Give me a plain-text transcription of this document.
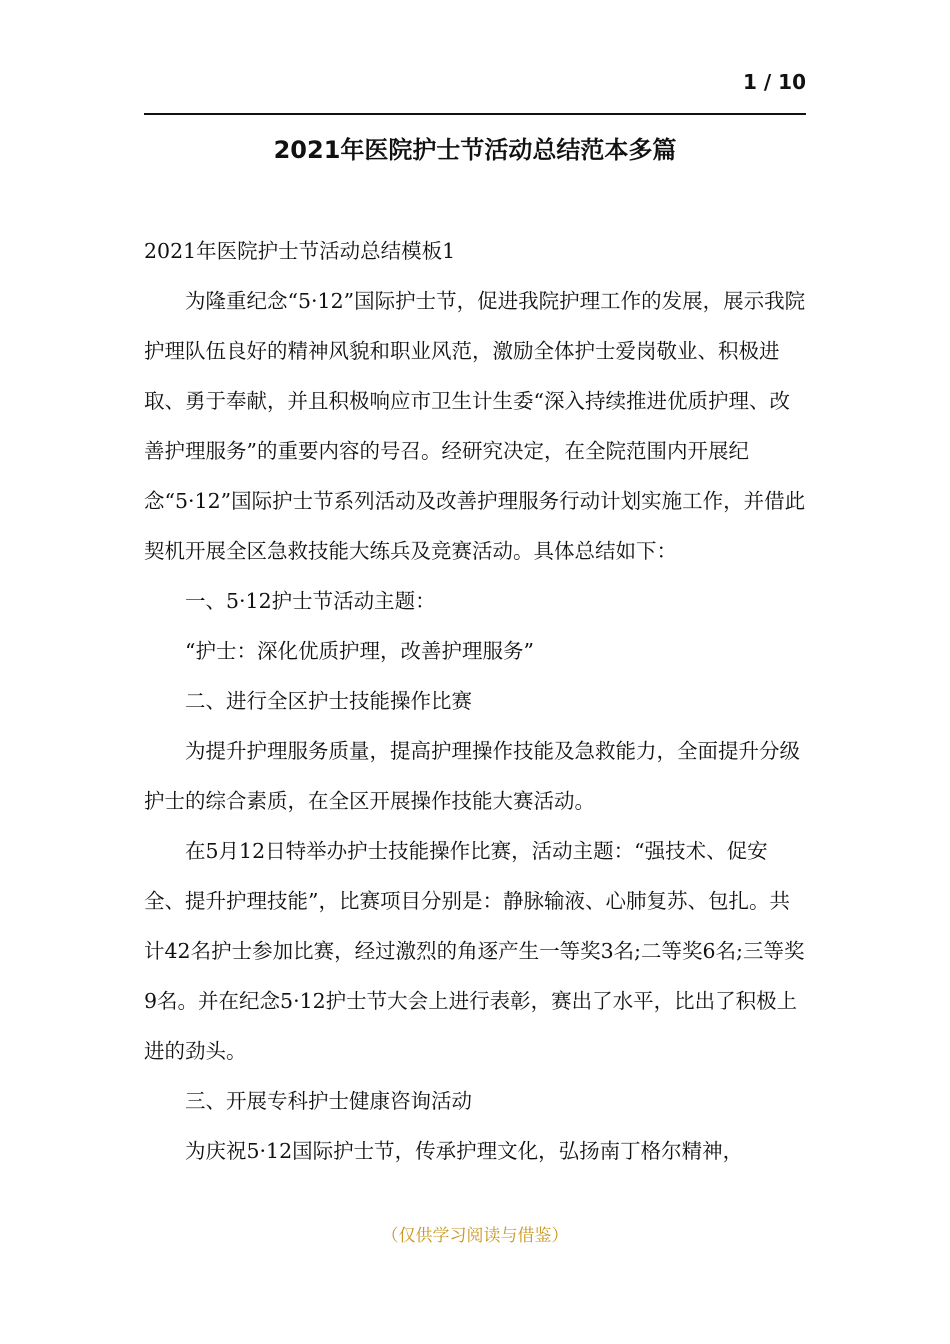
1 / 10
2021年医院护士节活动总结范本多篇

2021年医院护士节活动总结模板1

为隆重纪念“5·12”国际护士节，促进我院护理工作的发展，展示我院护理队伍良好的精神风貌和职业风范，激励全体护士爱岗敬业、积极进取、勇于奉献，并且积极响应市卫生计生委“深入持续推进优质护理、改善护理服务”的重要内容的号召。经研究决定，在全院范围内开展纪念“5·12”国际护士节系列活动及改善护理服务行动计划实施工作，并借此契机开展全区急救技能大练兵及竞赛活动。具体总结如下：

一、5·12护士节活动主题：

“护士：深化优质护理，改善护理服务”

二、进行全区护士技能操作比赛

为提升护理服务质量，提高护理操作技能及急救能力，全面提升分级护士的综合素质，在全区开展操作技能大赛活动。

在5月12日特举办护士技能操作比赛，活动主题：“强技术、促安全、提升护理技能”，比赛项目分别是：静脉输液、心肺复苏、包扎。共计42名护士参加比赛，经过激烈的角逐产生一等奖3名;二等奖6名;三等奖9名。并在纪念5·12护士节大会上进行表彰，赛出了水平，比出了积极上进的劲头。

三、开展专科护士健康咨询活动

为庆祝5·12国际护士节，传承护理文化，弘扬南丁格尔精神，

（仅供学习阅读与借鉴）
